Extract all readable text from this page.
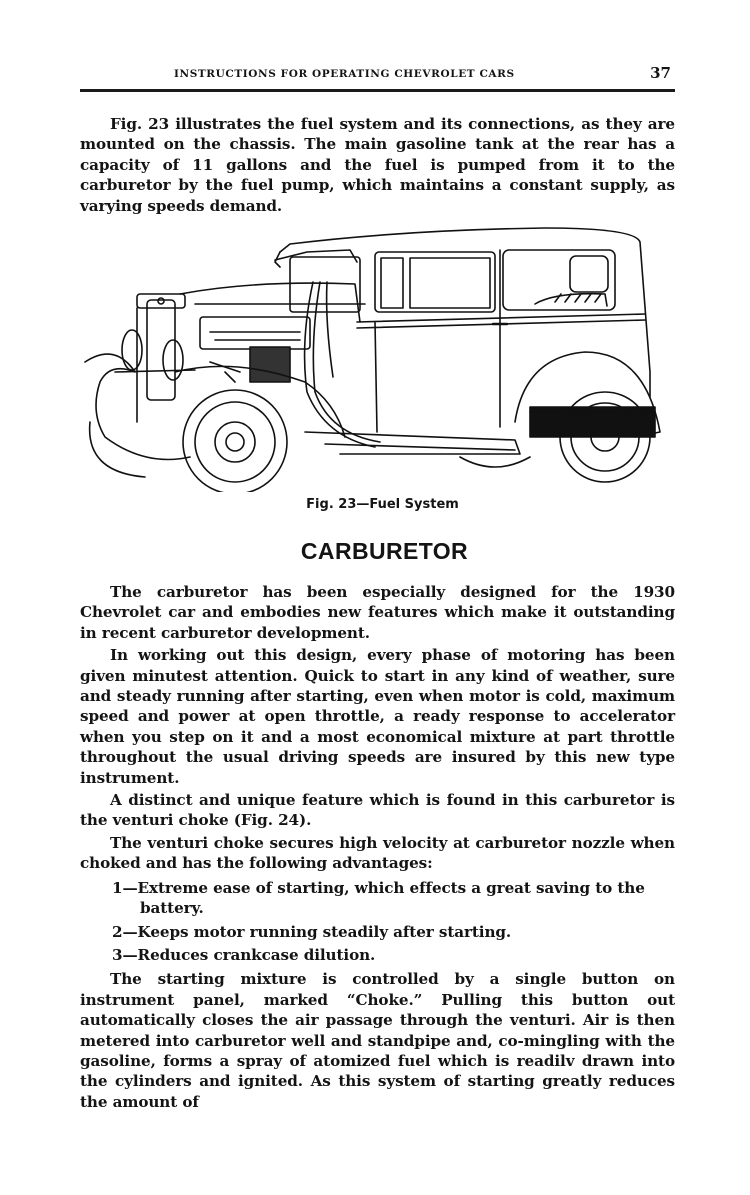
INSTRUCTIONS FOR OPERATING CHEVROLET CARS	37

Fig. 23 illustrates the fuel system and its connections, as they are mounted on the chassis. The main gasoline tank at the rear has a capacity of 11 gallons and the fuel is pumped from it to the carburetor by the fuel pump, which maintains a constant supply, as varying speeds demand.

Fig. 23—Fuel System
CARBURETOR

The carburetor has been especially designed for the 1930 Chevrolet car and embodies new features which make it outstanding in recent carburetor development.

In working out this design, every phase of motoring has been given minutest attention. Quick to start in any kind of weather, sure and steady running after starting, even when motor is cold, maximum speed and power at open throttle, a ready response to accelerator when you step on it and a most economical mixture at part throttle throughout the usual driving speeds are insured by this new type instrument.

A distinct and unique feature which is found in this carburetor is the venturi choke (Fig. 24).

The venturi choke secures high velocity at carburetor nozzle when choked and has the following advantages:

1—Extreme ease of starting, which effects a great saving to the battery.
2—Keeps motor running steadily after starting.
3—Reduces crankcase dilution.

The starting mixture is controlled by a single button on instrument panel, marked “Choke.” Pulling this button out automatically closes the air passage through the venturi. Air is then metered into carburetor well and standpipe and, co-mingling with the gasoline, forms a spray of atomized fuel which is readilv drawn into the cylinders and ignited. As this system of starting greatly reduces the amount of
